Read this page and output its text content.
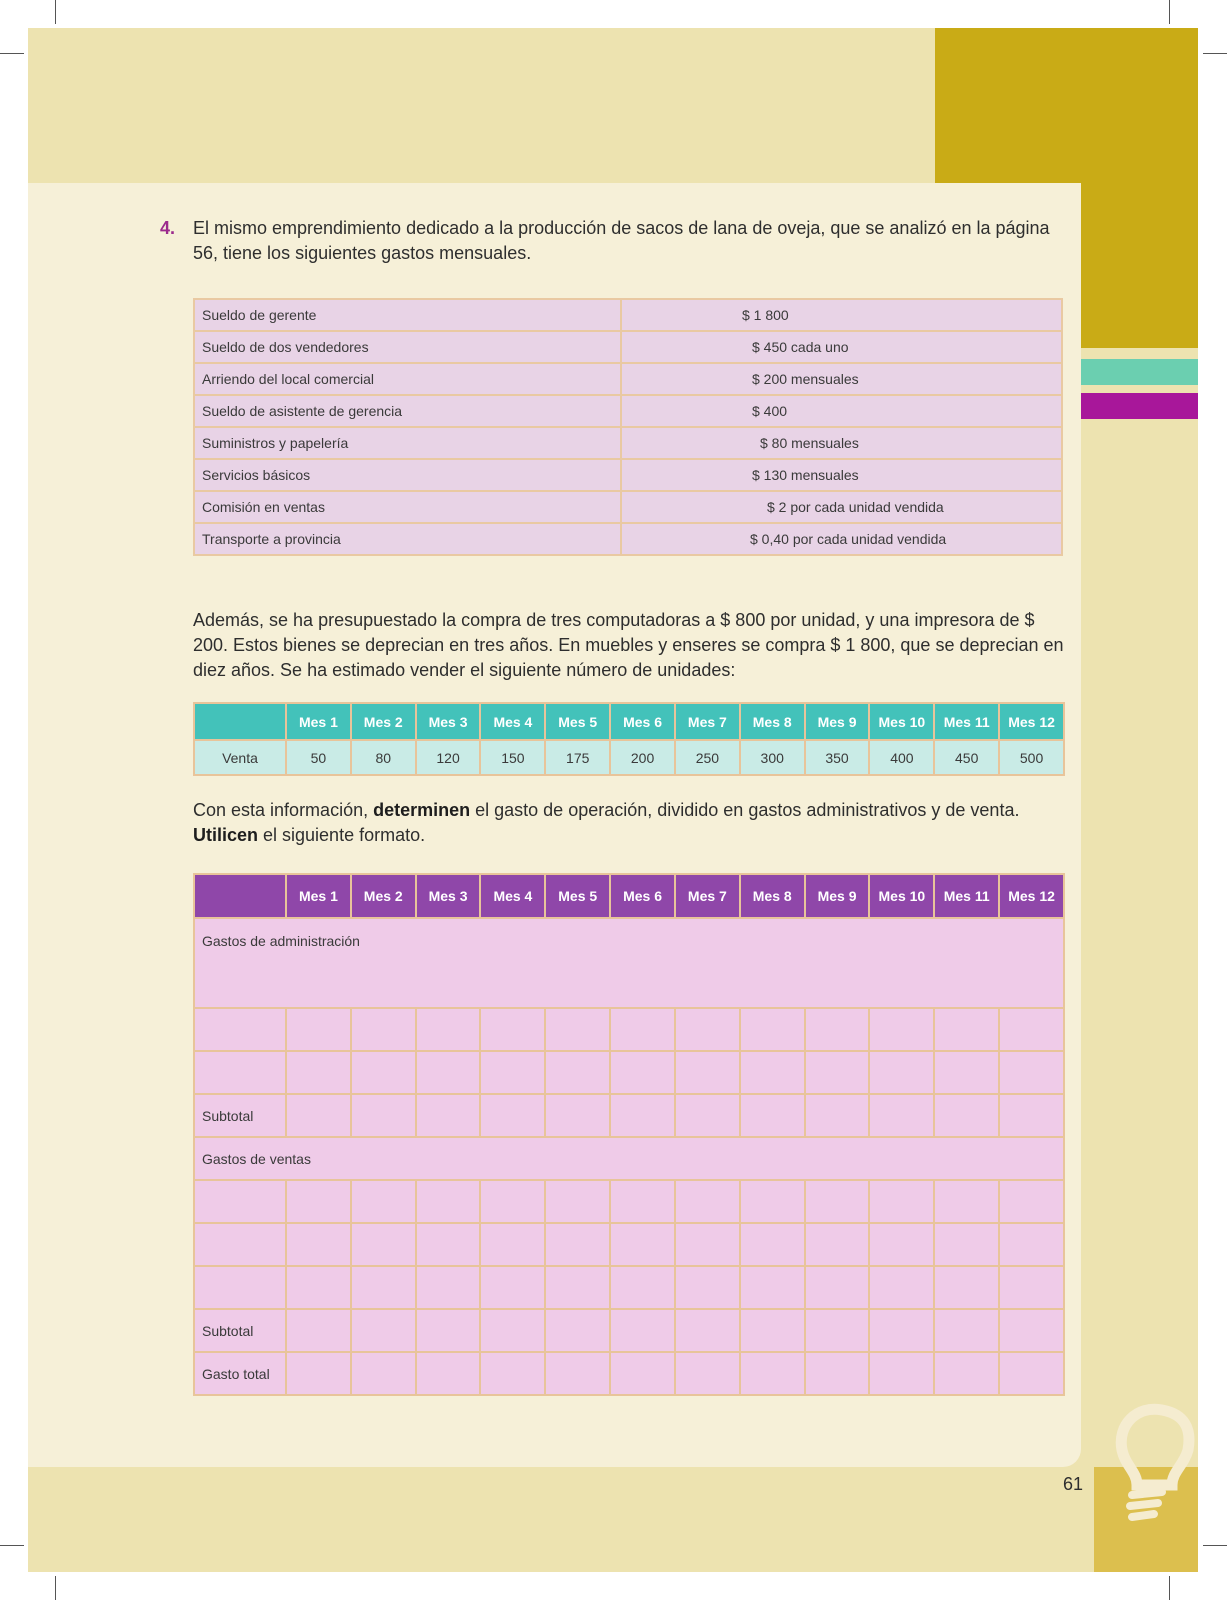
61
4. El mismo emprendimiento dedicado a la producción de sacos de lana de oveja, que se analizó en la página 56, tiene los siguientes gastos mensuales.
Sueldo de gerente	$ 1 800
Sueldo de dos vendedores	$ 450 cada uno
Arriendo del local comercial	$ 200 mensuales
Sueldo de asistente de gerencia	$ 400
Suministros y papelería	$ 80 mensuales
Servicios básicos	$ 130 mensuales
Comisión en ventas	$ 2 por cada unidad vendida
Transporte a provincia	$ 0,40 por cada unidad vendida
Además, se ha presupuestado la compra de tres computadoras a $ 800 por unidad, y una impresora de $ 200. Estos bienes se deprecian en tres años. En muebles y enseres se compra $ 1 800, que se deprecian en diez años. Se ha estimado vender el siguiente número de unidades:
	Mes 1	Mes 2	Mes 3	Mes 4	Mes 5	Mes 6	Mes 7	Mes 8	Mes 9	Mes 10	Mes 11	Mes 12
Venta	50	80	120	150	175	200	250	300	350	400	450	500
Con esta información, determinen el gasto de operación, dividido en gastos administrativos y de venta. Utilicen el siguiente formato.
	Mes 1	Mes 2	Mes 3	Mes 4	Mes 5	Mes 6	Mes 7	Mes 8	Mes 9	Mes 10	Mes 11	Mes 12
Gastos de administración												

Subtotal												
Gastos de ventas												

Subtotal												
Gasto total												
